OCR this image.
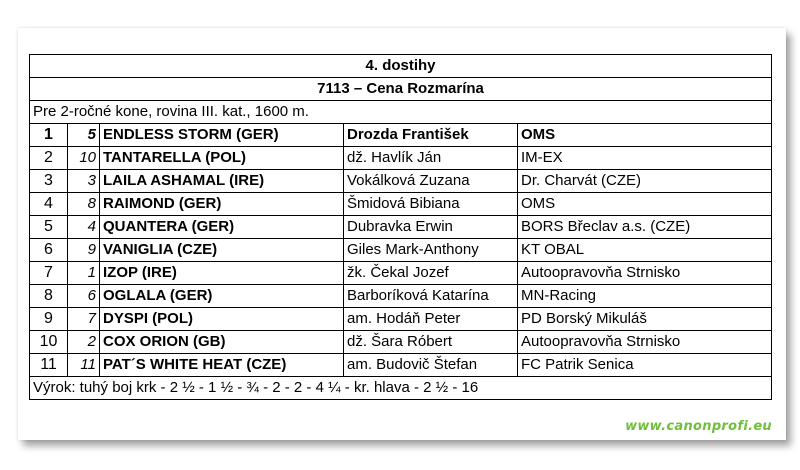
4. dostihy				
7113 – Cena Rozmarína				
Pre 2-ročné kone, rovina III. kat., 1600 m.				
1	5	ENDLESS STORM (GER)	Drozda František	OMS
2	10	TANTARELLA (POL)	dž. Havlík Ján	IM-EX
3	3	LAILA ASHAMAL (IRE)	Vokálková Zuzana	Dr. Charvát (CZE)
4	8	RAIMOND (GER)	Šmidová Bibiana	OMS
5	4	QUANTERA (GER)	Dubravka Erwin	BORS Břeclav a.s. (CZE)
6	9	VANIGLIA (CZE)	Giles Mark-Anthony	KT OBAL
7	1	IZOP (IRE)	žk. Čekal Jozef	Autoopravovňa Strnisko
8	6	OGLALA (GER)	Barboríková Katarína	MN-Racing
9	7	DYSPI (POL)	am. Hodáň Peter	PD Borský Mikuláš
10	2	COX ORION (GB)	dž. Šara Róbert	Autoopravovňa Strnisko
11	11	PAT´S WHITE HEAT (CZE)	am. Budovič Štefan	FC Patrik Senica
Výrok: tuhý boj krk - 2 ½ - 1 ½ - ¾ - 2 - 2 - 4 ¼ - kr. hlava - 2 ½ - 16				
www.canonprofi.eu
